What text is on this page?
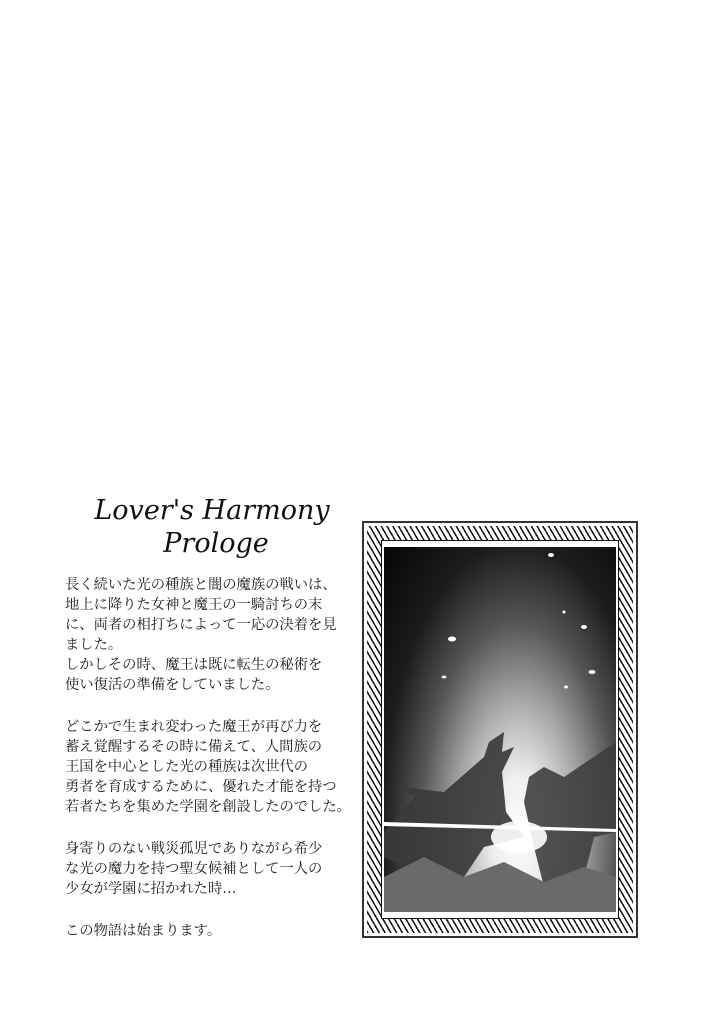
Lover's Harmony
Prologe

長く続いた光の種族と闇の魔族の戦いは、
地上に降りた女神と魔王の一騎討ちの末
に、両者の相打ちによって一応の決着を見
ました。
しかしその時、魔王は既に転生の秘術を
使い復活の準備をしていました。

どこかで生まれ変わった魔王が再び力を
蓄え覚醒するその時に備えて、人間族の
王国を中心とした光の種族は次世代の
勇者を育成するために、優れた才能を持つ
若者たちを集めた学園を創設したのでした。

身寄りのない戦災孤児でありながら希少
な光の魔力を持つ聖女候補として一人の
少女が学園に招かれた時…

この物語は始まります。
